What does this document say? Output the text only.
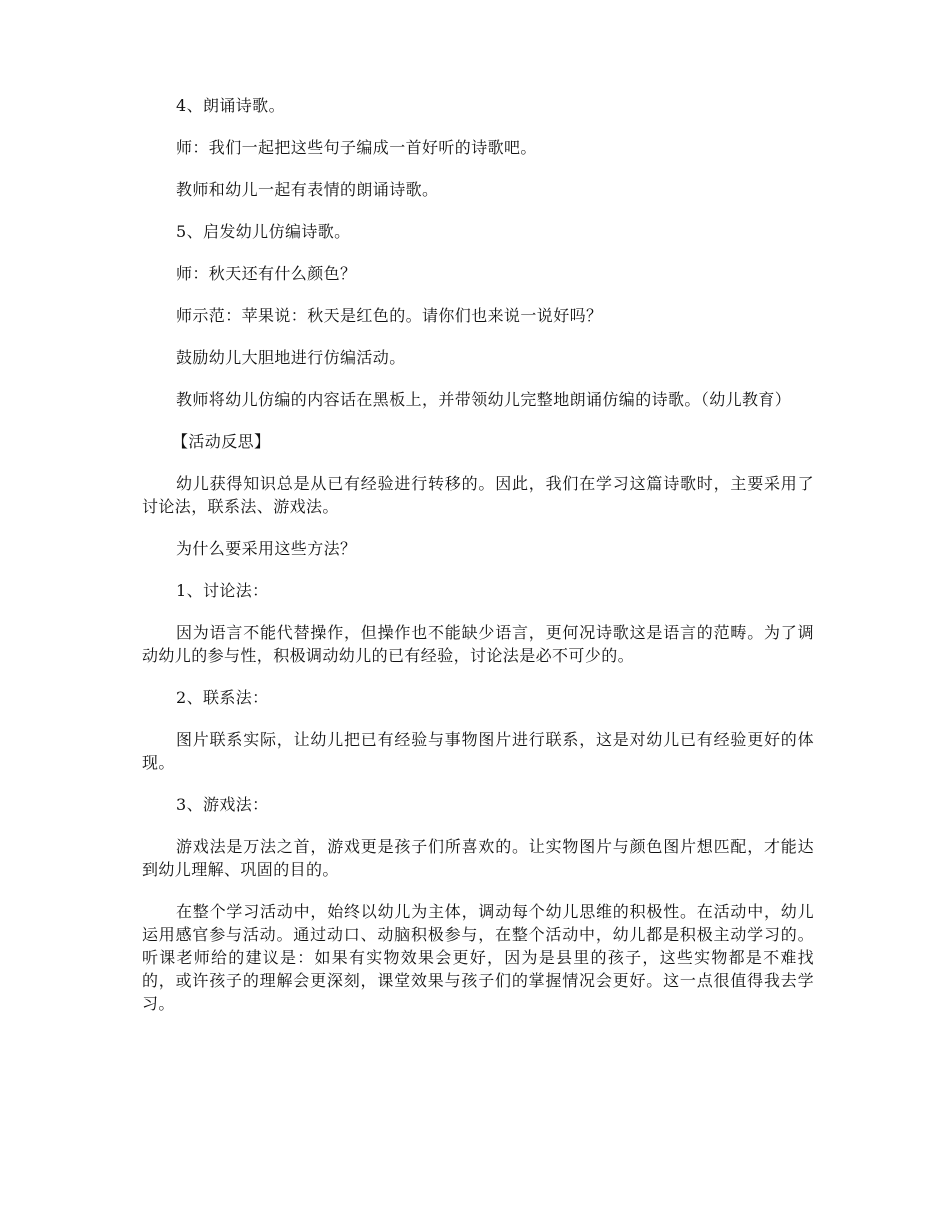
4、朗诵诗歌。

师：我们一起把这些句子编成一首好听的诗歌吧。

教师和幼儿一起有表情的朗诵诗歌。

5、启发幼儿仿编诗歌。

师：秋天还有什么颜色？

师示范：苹果说：秋天是红色的。请你们也来说一说好吗？

鼓励幼儿大胆地进行仿编活动。

教师将幼儿仿编的内容话在黑板上，并带领幼儿完整地朗诵仿编的诗歌。（幼儿教育）

【活动反思】

幼儿获得知识总是从已有经验进行转移的。因此，我们在学习这篇诗歌时，主要采用了讨论法，联系法、游戏法。

为什么要采用这些方法？

1、讨论法：

因为语言不能代替操作，但操作也不能缺少语言，更何况诗歌这是语言的范畴。为了调动幼儿的参与性，积极调动幼儿的已有经验，讨论法是必不可少的。

2、联系法：

图片联系实际，让幼儿把已有经验与事物图片进行联系，这是对幼儿已有经验更好的体现。

3、游戏法：

游戏法是万法之首，游戏更是孩子们所喜欢的。让实物图片与颜色图片想匹配，才能达到幼儿理解、巩固的目的。

在整个学习活动中，始终以幼儿为主体，调动每个幼儿思维的积极性。在活动中，幼儿运用感官参与活动。通过动口、动脑积极参与，在整个活动中，幼儿都是积极主动学习的。听课老师给的建议是：如果有实物效果会更好，因为是县里的孩子，这些实物都是不难找的，或许孩子的理解会更深刻，课堂效果与孩子们的掌握情况会更好。这一点很值得我去学习。
